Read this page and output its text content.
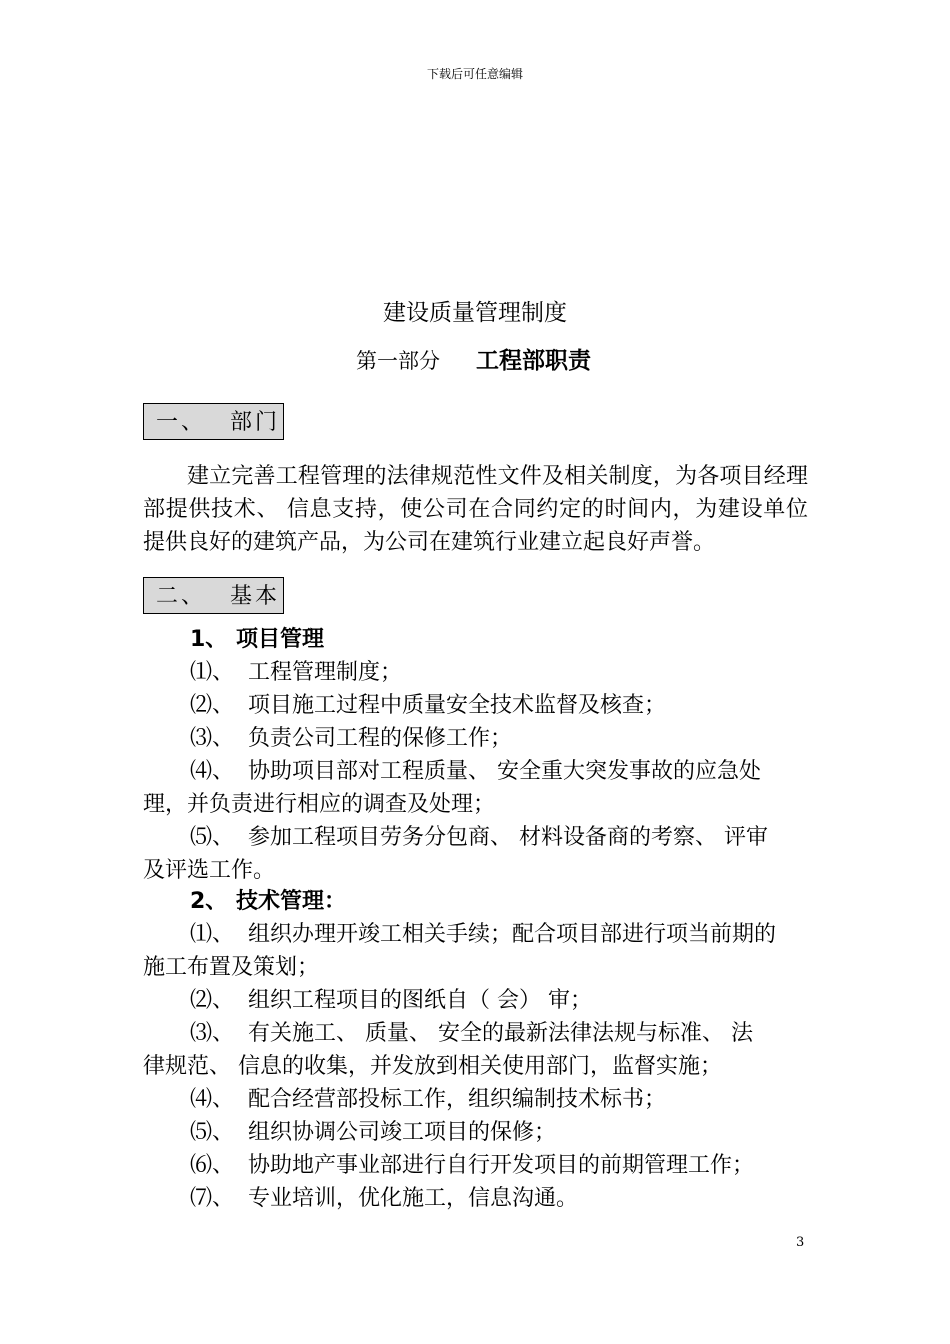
下载后可任意编辑
建设质量管理制度
第一部分 工程部职责
一、 部门
建立完善工程管理的法律规范性文件及相关制度，为各项目经理部提供技术、 信息支持，使公司在合同约定的时间内，为建设单位提供良好的建筑产品，为公司在建筑行业建立起良好声誉。
二、 基本
1、 项目管理
⑴、 工程管理制度；
⑵、 项目施工过程中质量安全技术监督及核查；
⑶、 负责公司工程的保修工作；
⑷、 协助项目部对工程质量、 安全重大突发事故的应急处
理，并负责进行相应的调查及处理；
⑸、 参加工程项目劳务分包商、 材料设备商的考察、 评审
及评选工作。
2、 技术管理：
⑴、 组织办理开竣工相关手续；配合项目部进行项当前期的
施工布置及策划；
⑵、 组织工程项目的图纸自（ 会） 审；
⑶、 有关施工、 质量、 安全的最新法律法规与标准、 法
律规范、 信息的收集，并发放到相关使用部门，监督实施；
⑷、 配合经营部投标工作，组织编制技术标书；
⑸、 组织协调公司竣工项目的保修；
⑹、 协助地产事业部进行自行开发项目的前期管理工作；
⑺、 专业培训，优化施工，信息沟通。
3
